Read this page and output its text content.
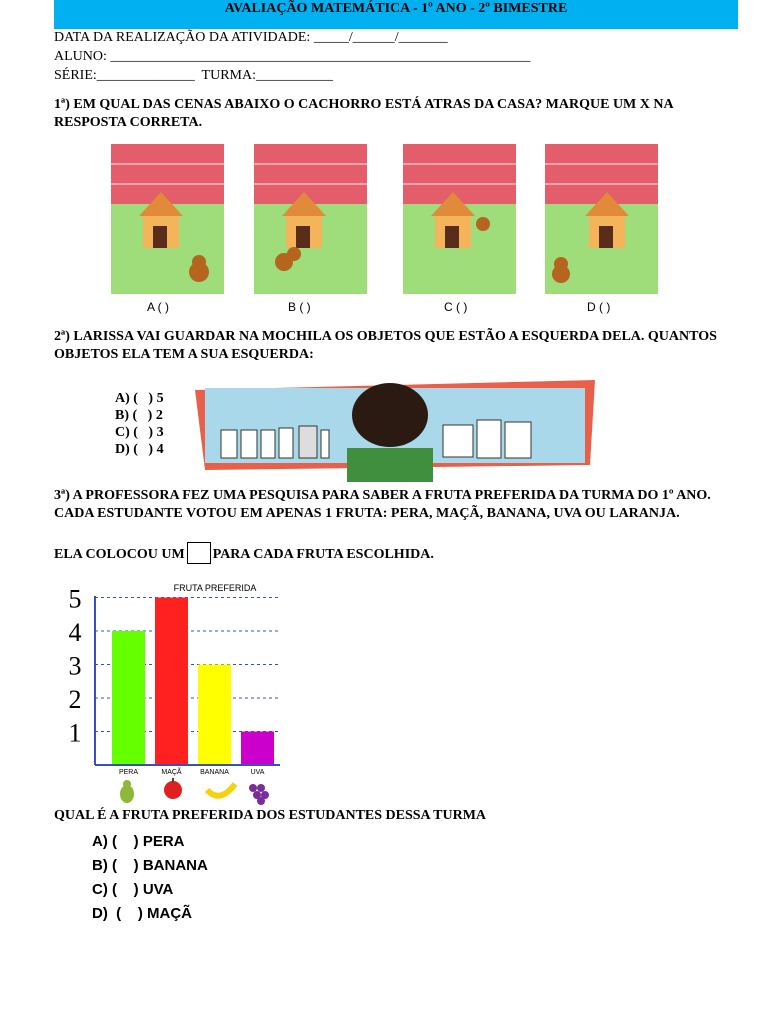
AVALIAÇÃO MATEMÁTICA - 1º ANO - 2º BIMESTRE
DATA DA REALIZAÇÃO DA ATIVIDADE: _____/______/_______
ALUNO: ____________________________________________________________
SÉRIE:______________  TURMA:___________
1ª) EM QUAL DAS CENAS ABAIXO O CACHORRO ESTÁ ATRAS DA CASA? MARQUE UM X NA RESPOSTA CORRETA.
A ( )	B ( )	C ( )	D ( )
2ª) LARISSA VAI GUARDAR NA MOCHILA OS OBJETOS QUE ESTÃO A ESQUERDA DELA. QUANTOS OBJETOS ELA TEM A SUA ESQUERDA:
A) (   ) 5
B) (   ) 2
C) (   ) 3
D) (   ) 4
3ª) A PROFESSORA FEZ UMA PESQUISA PARA SABER A FRUTA PREFERIDA DA TURMA DO 1º ANO. CADA ESTUDANTE VOTOU EM APENAS 1 FRUTA: PERA, MAÇÃ, BANANA, UVA OU LARANJA.
ELA COLOCOU UM PARA CADA FRUTA ESCOLHIDA.
FRUTA PREFERIDA
1
2
3
4
5
PERA	MAÇÃ	BANANA	UVA
QUAL É A FRUTA PREFERIDA DOS ESTUDANTES DESSA TURMA
A) (    ) PERA
B) (    ) BANANA
C) (    ) UVA
D)  (    ) MAÇÃ
